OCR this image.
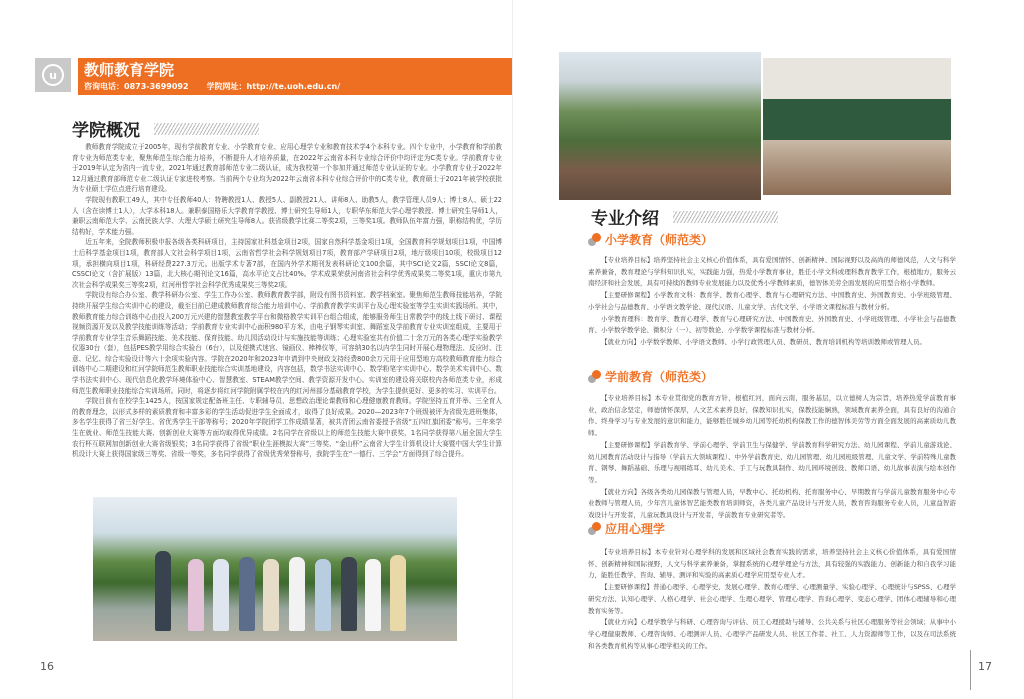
u	教师教育学院
咨询电话：0873-3699092 学院网址：http://te.uoh.edu.cn/
学院概况

教师教育学院成立于2005年，现有学前教育专业、小学教育专业、应用心理学专业和教育技术学4个本科专业。四个专业中，小学教育和学前教育专业为师范类专业，聚焦师范生综合能力培养，不断提升人才培养质量，在2022年云南省本科专业综合评价中均评定为C类专业。学前教育专业于2019年认定为省内一流专业，2021年通过教育部师范专业二级认证，成为我校第一个参加并通过师范专业认证的专业。小学教育专业于2022年12月通过教育部师范专业二级认证专家进校考察。当前两个专业均为2022年云南省本科专业综合评价中的C类专业，教育硕士于2021年被学校获批为专业硕士学位点进行培育建设。

学院现有教职工49人，其中专任教师40人：特聘教授1人、教授5人、副教授21人、讲师8人、助教5人，教学管理人员9人；博士8人、硕士22人（含在读博士1人），大学本科18人。兼职泰国格乐大学教育学教授、博士研究生导师1人，专职华东师范大学心理学教授、博士研究生导师1人，兼职云南师范大学、云南民族大学、大理大学硕士研究生导师8人。获省级教学比赛二等奖2项，三等奖1项。教师队伍年富力强，职称结构优，学历结构好，学术能力强。

近五年来，全院教师积极申报各级各类科研项目，主持国家社科基金项目2项，国家自然科学基金项目1项，全国教育科学规划项目1项，中国博士后科学基金项目1项，教育部人文社会科学项目1项，云南省哲学社会科学规划项目7项，教育部产学研项目2项，地厅级项目10项，校级项目12项，承担横向项目1项，科研经费227.3万元。出版学术专著7部，在国内外学术期刊发表科研论文100余篇，其中SCI论文2篇，SSCI论文8篇，CSSCI论文（含扩展版）13篇，北大核心期刊论文16篇，高水平论文占比40%。学术成果荣获河南省社会科学优秀成果奖二等奖1项，重庆市第九次社会科学成果奖三等奖2项，红河州哲学社会科学优秀成果奖三等奖2项。

学院设有综合办公室、教学科研办公室、学生工作办公室、教师教育教学部，附设有图书资料室、教学档案室。聚焦师范生教师技能培养，学院持续开展学生综合实训中心的建设，截至目前已建成教师教育综合能力培训中心、学前教育教学实训平台及心理实验室等学生实训实践场所。其中，教师教育能力综合训练中心由投入200万元兴建的智慧教室教学平台和微格教学实训平台组合组成，能够服务师生日常教学中的线上线下研讨、课程视频资源开发以及教学技能训练等活动；学前教育专业实训中心面积980平方米，由电子钢琴实训室、舞蹈室及学前教育专业实训室组成，主要用于学前教育专业学生音乐舞蹈技能、美术技能、保育技能、幼儿园活动设计与实施技能等训练；心理实验室共有价值二十余万元的各类心理学实验教学仪器30台（套），包括PES教学用综合实验台（6台），以及便携式迷宫、镜画仪、棒棒仪等，可容纳30名以内学生同时开展心理物理法、反应时、注意、记忆、综合实验设计等六十余项实验内容。学院在2020年和2023年申请到中央财政支持经费800余万元用于应用型地方高校教师教育能力综合训练中心二期建设和红河学院师范生教师职业技能综合实训基地建设，内容包括，数学书法实训中心、数学粉笔字实训中心、数学美术实训中心、数学书法实训中心、现代信息化教学环境体验中心、智慧教室、STEAM教学空间、教学资源开发中心。实训室的建设将关联校内各师范类专业，形成师范生教师职业技能综合实训场所。同时，将逐步将红河学院附属学校在内的红河州部分基础教育学校，为学生提供更好、更多的实习、实训平台。

学院目前有在校学生1425人，按国家规定配备班主任、专职辅导员、思想政治理论课教师和心理健康教育教师。学院坚持五育并举、三全育人的教育理念，以形式多样的素质教育和丰富多彩的学生活动促进学生全面成才，取得了良好成果。2020—2023年7个班级被评为省级先进班集体，多名学生获得了省三好学生、省优秀学生干部等称号；2020年学院团学工作成绩显著，被共青团云南省委授予省级“五四红旗团委”称号。三年来学生在就业、师范生技能大赛、创新创业大赛等方面均取得优异成绩。2名同学在省级以上的师范生技能大赛中获奖，1名同学获得第八届全国大学生农行杯互联网加创新创业大赛省级银奖；3名同学获得了省级“职业生涯模拟大赛”三等奖、“金山杯”云南省大学生计算机设计大赛暨中国大学生计算机设计大赛上获得国家级三等奖、省级一等奖，多名同学获得了省级优秀荣誉称号，我院学生在“一德行、三学会”方面得到了综合提升。

16
专业介绍
小学教育（师范类）

【专业培养目标】培养坚持社会主义核心价值体系，具有爱国情怀、创新精神、国际视野以及高尚的师德风范，人文与科学素养兼备，教育理论与学科知识扎实，实践能力强，热爱小学教育事业，胜任小学文科或理科教育教学工作，根植地方，服务云南经济和社会发展，具有可持续的教师专业发展能力以及优秀小学教师素质，德智体美劳全面发展的应用型合格小学教师。

【主要研修课程】小学教育文科：教育学、教育心理学、教育与心理研究方法、中国教育史、外国教育史、小学班级管理、小学社会与品德教育、小学语文教学论、现代汉语、儿童文学、古代文学、小学语文课程标准与教材分析。

小学教育理科：教育学、教育心理学、教育与心理研究方法、中国教育史、外国教育史、小学班级管理、小学社会与品德教育、小学数学教学论、微积分（一）、初等数论、小学数学课程标准与教材分析。

【就业方向】小学数学教师、小学语文教师、小学行政管理人员、教研员、教育培训机构等培训教师或管理人员。

学前教育（师范类）

【专业培养目标】本专业贯彻党的教育方针，根植红河，面向云南，服务基层，以立德树人为宗旨，培养热爱学前教育事业，政治信念坚定，师德情怀深厚，人文艺术素养良好，保教知识扎实，保教技能娴熟，领域教育素养全面，具有良好的沟通合作、终身学习与专业发展的意识和能力，能够胜任城乡幼儿园等托幼机构保教工作的德智体美劳等方面全面发展的高素质幼儿教师。

【主要研修课程】学前教育学、学前心理学、学前卫生与保健学、学前教育科学研究方法、幼儿园课程、学前儿童游戏论、幼儿园教育活动设计与指导（学前五大领域课程）、中外学前教育史、幼儿园管理、幼儿园班级管理、儿童文学、学前特殊儿童教育、钢琴、舞蹈基础、乐理与视唱练耳、幼儿美术、手工与玩教具制作、幼儿园环境创设、教师口语、幼儿故事表演与绘本创作等。

【就业方向】各级各类幼儿园保教与管理人员，早教中心、托幼机构、托育服务中心、早期教育与学前儿童教育服务中心专业教师与管理人员，少年宫儿童体智艺能类教育培训师资，各类儿童产品设计与开发人员，教育咨询服务专业人员，儿童益智游戏设计与开发者，儿童玩教具设计与开发者，学前教育专业研究者等。

应用心理学

【专业培养目标】本专业针对心理学科的发展和区域社会教育实践的需求，培养坚持社会主义核心价值体系，具有爱国情怀、创新精神和国际视野，人文与科学素养兼备，掌握系统的心理学理论与方法，具有较强的实践能力、创新能力和自我学习能力，能胜任教学、咨询、辅导、测评和实验的高素质心理学应用型专业人才。

【主要研修课程】普通心理学、心理学史、发展心理学、教育心理学、心理测量学、实验心理学、心理统计与SPSS、心理学研究方法、认知心理学、人格心理学、社会心理学、生理心理学、管理心理学、咨询心理学、变态心理学、团体心理辅导和心理教育实务等。

【就业方向】心理学教学与科研、心理咨询与评估、员工心理援助与辅导、公共关系与社区心理服务等社会领域；从事中小学心理健康教师、心理咨询师、心理测评人员、心理学产品研发人员、社区工作者、社工、人力资源师等工作，以及在司法系统和各类教育机构等从事心理学相关的工作。

17
